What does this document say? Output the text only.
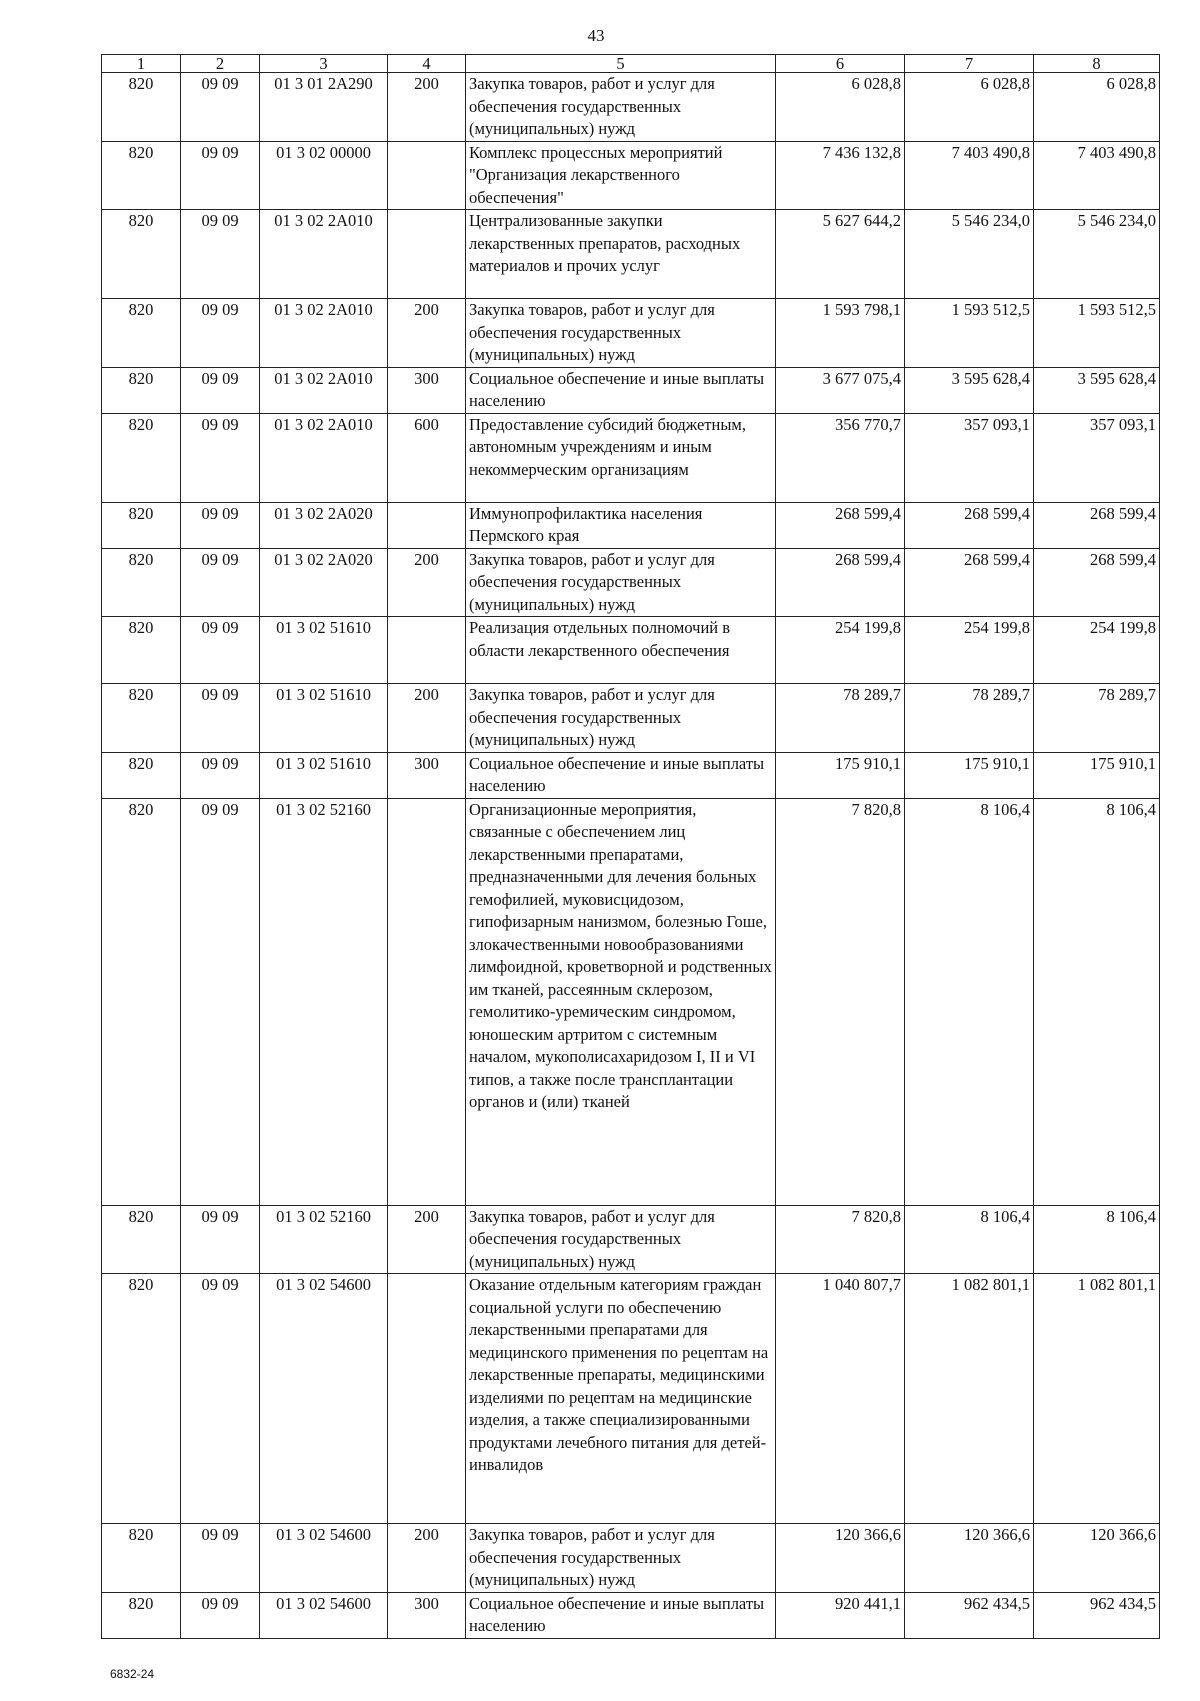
43
1	2	3	4	5	6	7	8
820	09 09	01 3 01 2А290	200	Закупка товаров, работ и услуг для обеспечения государственных (муниципальных) нужд	6 028,8	6 028,8	6 028,8
820	09 09	01 3 02 00000		Комплекс процессных мероприятий "Организация лекарственного обеспечения"	7 436 132,8	7 403 490,8	7 403 490,8
820	09 09	01 3 02 2А010		Централизованные закупки лекарственных препаратов, расходных материалов и прочих услуг	5 627 644,2	5 546 234,0	5 546 234,0
820	09 09	01 3 02 2А010	200	Закупка товаров, работ и услуг для обеспечения государственных (муниципальных) нужд	1 593 798,1	1 593 512,5	1 593 512,5
820	09 09	01 3 02 2А010	300	Социальное обеспечение и иные выплаты населению	3 677 075,4	3 595 628,4	3 595 628,4
820	09 09	01 3 02 2А010	600	Предоставление субсидий бюджетным, автономным учреждениям и иным некоммерческим организациям	356 770,7	357 093,1	357 093,1
820	09 09	01 3 02 2А020		Иммунопрофилактика населения Пермского края	268 599,4	268 599,4	268 599,4
820	09 09	01 3 02 2А020	200	Закупка товаров, работ и услуг для обеспечения государственных (муниципальных) нужд	268 599,4	268 599,4	268 599,4
820	09 09	01 3 02 51610		Реализация отдельных полномочий в области лекарственного обеспечения	254 199,8	254 199,8	254 199,8
820	09 09	01 3 02 51610	200	Закупка товаров, работ и услуг для обеспечения государственных (муниципальных) нужд	78 289,7	78 289,7	78 289,7
820	09 09	01 3 02 51610	300	Социальное обеспечение и иные выплаты населению	175 910,1	175 910,1	175 910,1
820	09 09	01 3 02 52160		Организационные мероприятия, связанные с обеспечением лиц лекарственными препаратами, предназначенными для лечения больных гемофилией, муковисцидозом, гипофизарным нанизмом, болезнью Гоше, злокачественными новообразованиями лимфоидной, кроветворной и родственных им тканей, рассеянным склерозом, гемолитико-уремическим синдромом, юношеским артритом с системным началом, мукополисахаридозом I, II и VI типов, а также после трансплантации органов и (или) тканей	7 820,8	8 106,4	8 106,4
820	09 09	01 3 02 52160	200	Закупка товаров, работ и услуг для обеспечения государственных (муниципальных) нужд	7 820,8	8 106,4	8 106,4
820	09 09	01 3 02 54600		Оказание отдельным категориям граждан социальной услуги по обеспечению лекарственными препаратами для медицинского применения по рецептам на лекарственные препараты, медицинскими изделиями по рецептам на медицинские изделия, а также специализированными продуктами лечебного питания для детей-инвалидов	1 040 807,7	1 082 801,1	1 082 801,1
820	09 09	01 3 02 54600	200	Закупка товаров, работ и услуг для обеспечения государственных (муниципальных) нужд	120 366,6	120 366,6	120 366,6
820	09 09	01 3 02 54600	300	Социальное обеспечение и иные выплаты населению	920 441,1	962 434,5	962 434,5
6832-24
